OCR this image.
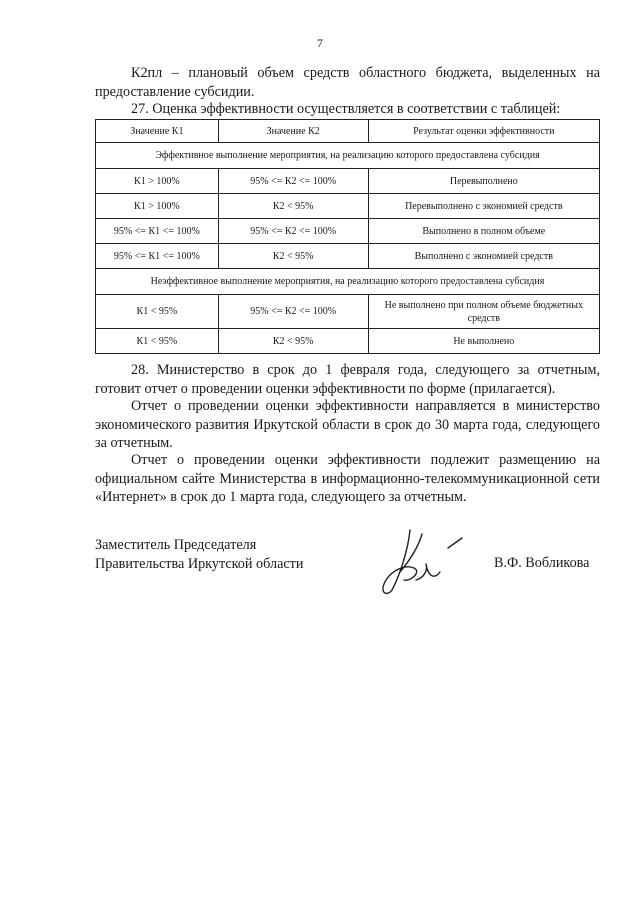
7
К2пл – плановый объем средств областного бюджета, выделенных на предоставление субсидии.
27. Оценка эффективности осуществляется в соответствии с таблицей:
Значение К1	Значение К2	Результат оценки эффективности
Эффективное выполнение мероприятия, на реализацию которого предоставлена субсидия		
К1 > 100%	95% <= К2 <= 100%	Перевыполнено
К1 > 100%	К2 < 95%	Перевыполнено с экономией средств
95% <= К1 <= 100%	95% <= К2 <= 100%	Выполнено в полном объеме
95% <= К1 <= 100%	К2 < 95%	Выполнено с экономией средств
Неэффективное выполнение мероприятия, на реализацию которого предоставлена субсидия		
К1 < 95%	95% <= К2 <= 100%	Не выполнено при полном объеме бюджетных средств
К1 < 95%	К2 < 95%	Не выполнено
28. Министерство в срок до 1 февраля года, следующего за отчетным, готовит отчет о проведении оценки эффективности по форме (прилагается).
Отчет о проведении оценки эффективности направляется в министерство экономического развития Иркутской области в срок до 30 марта года, следующего за отчетным.
Отчет о проведении оценки эффективности подлежит размещению на официальном сайте Министерства в информационно-телекоммуникационной сети «Интернет» в срок до 1 марта года, следующего за отчетным.
Заместитель Председателя
Правительства Иркутской области	В.Ф. Вобликова
